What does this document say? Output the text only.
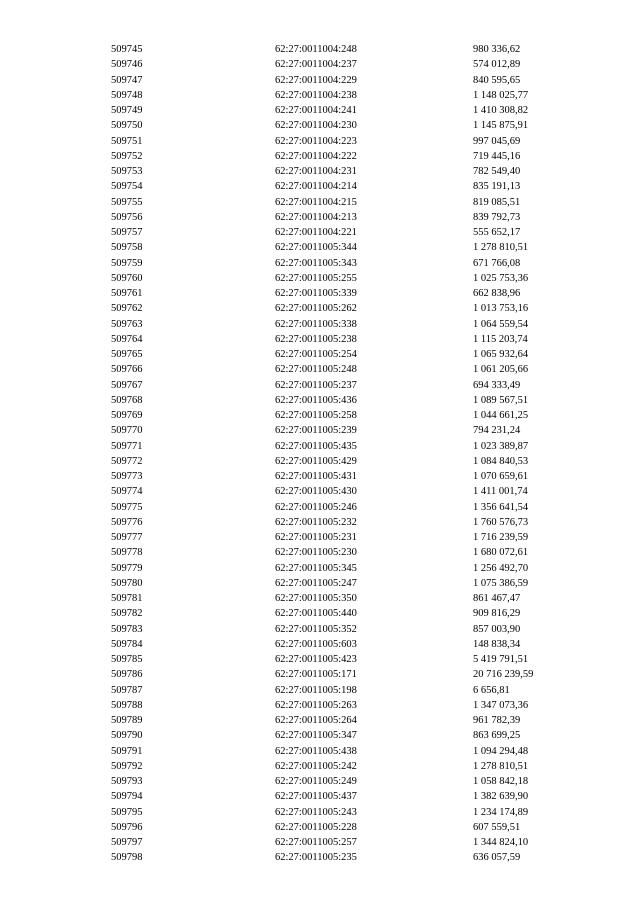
509745	62:27:0011004:248	980 336,62
509746	62:27:0011004:237	574 012,89
509747	62:27:0011004:229	840 595,65
509748	62:27:0011004:238	1 148 025,77
509749	62:27:0011004:241	1 410 308,82
509750	62:27:0011004:230	1 145 875,91
509751	62:27:0011004:223	997 045,69
509752	62:27:0011004:222	719 445,16
509753	62:27:0011004:231	782 549,40
509754	62:27:0011004:214	835 191,13
509755	62:27:0011004:215	819 085,51
509756	62:27:0011004:213	839 792,73
509757	62:27:0011004:221	555 652,17
509758	62:27:0011005:344	1 278 810,51
509759	62:27:0011005:343	671 766,08
509760	62:27:0011005:255	1 025 753,36
509761	62:27:0011005:339	662 838,96
509762	62:27:0011005:262	1 013 753,16
509763	62:27:0011005:338	1 064 559,54
509764	62:27:0011005:238	1 115 203,74
509765	62:27:0011005:254	1 065 932,64
509766	62:27:0011005:248	1 061 205,66
509767	62:27:0011005:237	694 333,49
509768	62:27:0011005:436	1 089 567,51
509769	62:27:0011005:258	1 044 661,25
509770	62:27:0011005:239	794 231,24
509771	62:27:0011005:435	1 023 389,87
509772	62:27:0011005:429	1 084 840,53
509773	62:27:0011005:431	1 070 659,61
509774	62:27:0011005:430	1 411 001,74
509775	62:27:0011005:246	1 356 641,54
509776	62:27:0011005:232	1 760 576,73
509777	62:27:0011005:231	1 716 239,59
509778	62:27:0011005:230	1 680 072,61
509779	62:27:0011005:345	1 256 492,70
509780	62:27:0011005:247	1 075 386,59
509781	62:27:0011005:350	861 467,47
509782	62:27:0011005:440	909 816,29
509783	62:27:0011005:352	857 003,90
509784	62:27:0011005:603	148 838,34
509785	62:27:0011005:423	5 419 791,51
509786	62:27:0011005:171	20 716 239,59
509787	62:27:0011005:198	6 656,81
509788	62:27:0011005:263	1 347 073,36
509789	62:27:0011005:264	961 782,39
509790	62:27:0011005:347	863 699,25
509791	62:27:0011005:438	1 094 294,48
509792	62:27:0011005:242	1 278 810,51
509793	62:27:0011005:249	1 058 842,18
509794	62:27:0011005:437	1 382 639,90
509795	62:27:0011005:243	1 234 174,89
509796	62:27:0011005:228	607 559,51
509797	62:27:0011005:257	1 344 824,10
509798	62:27:0011005:235	636 057,59
